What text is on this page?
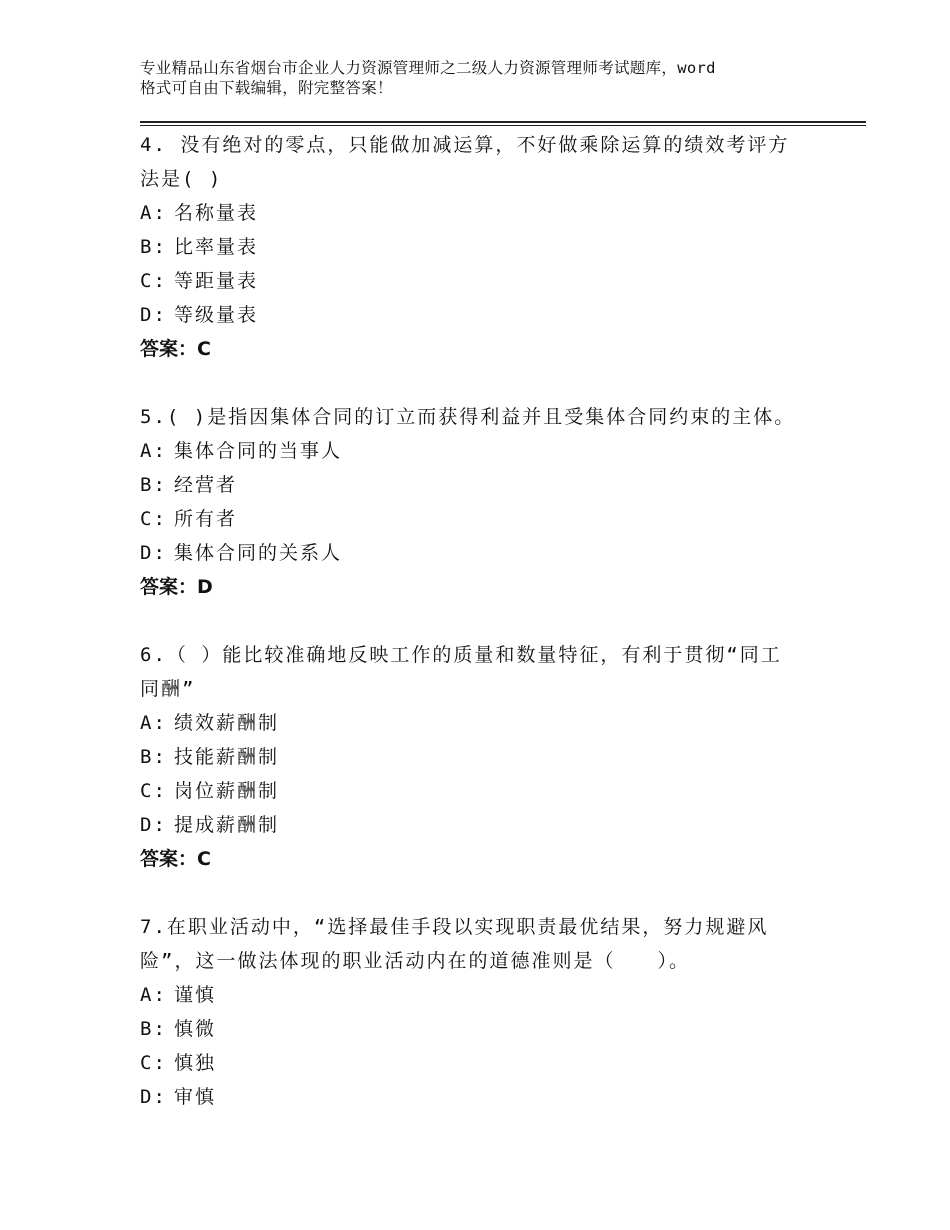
专业精品山东省烟台市企业人力资源管理师之二级人力资源管理师考试题库，word

格式可自由下载编辑，附完整答案！

4. 没有绝对的零点，只能做加减运算，不好做乘除运算的绩效考评方

法是( )

A: 名称量表

B: 比率量表

C: 等距量表

D: 等级量表

答案：C

5.( )是指因集体合同的订立而获得利益并且受集体合同约束的主体。

A: 集体合同的当事人

B: 经营者

C: 所有者

D: 集体合同的关系人

答案：D

6.（ ）能比较准确地反映工作的质量和数量特征，有利于贯彻“同工

同酬”

A: 绩效薪酬制

B: 技能薪酬制

C: 岗位薪酬制

D: 提成薪酬制

答案：C

7.在职业活动中，“选择最佳手段以实现职责最优结果，努力规避风

险”，这一做法体现的职业活动内在的道德准则是（　　）。

A: 谨慎

B: 慎微

C: 慎独

D: 审慎
